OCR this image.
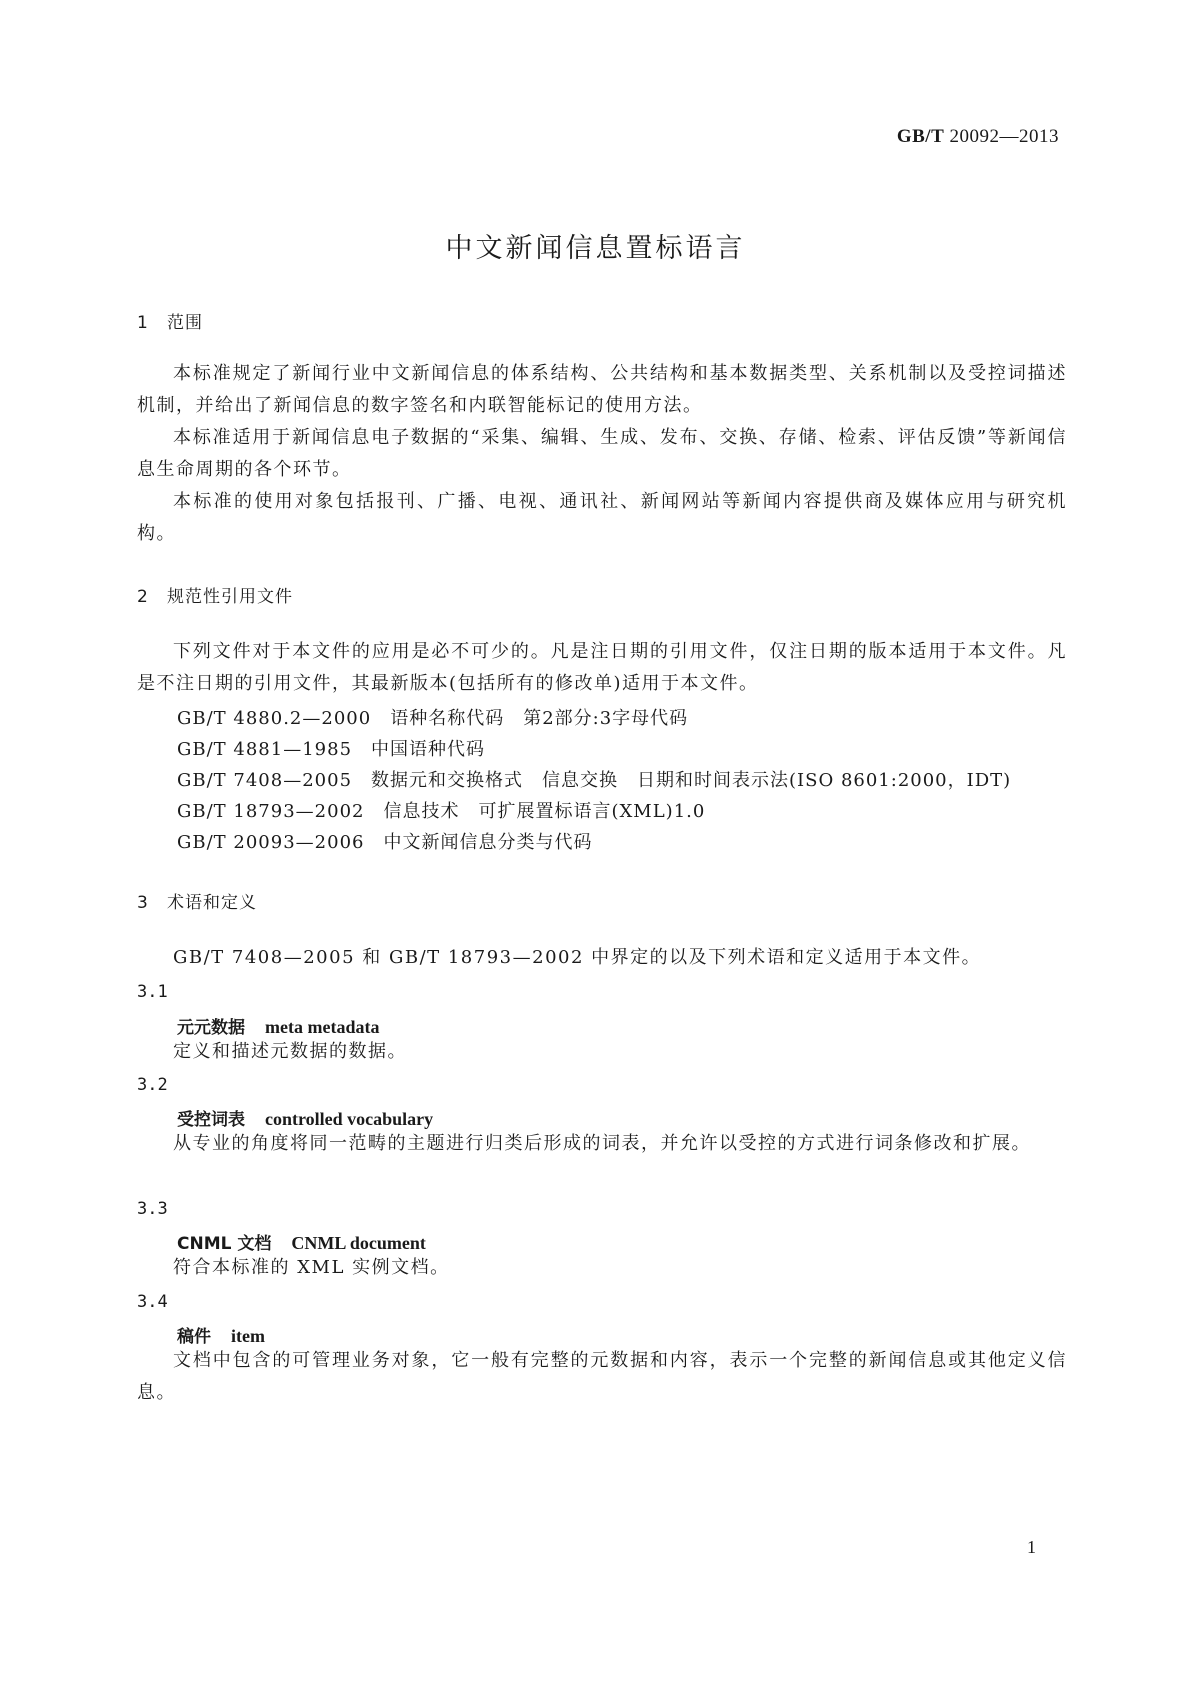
GB/T 20092—2013
中文新闻信息置标语言
1 范围

本标准规定了新闻行业中文新闻信息的体系结构、公共结构和基本数据类型、关系机制以及受控词描述机制，并给出了新闻信息的数字签名和内联智能标记的使用方法。

本标准适用于新闻信息电子数据的“采集、编辑、生成、发布、交换、存储、检索、评估反馈”等新闻信息生命周期的各个环节。

本标准的使用对象包括报刊、广播、电视、通讯社、新闻网站等新闻内容提供商及媒体应用与研究机构。

2 规范性引用文件

下列文件对于本文件的应用是必不可少的。凡是注日期的引用文件，仅注日期的版本适用于本文件。凡是不注日期的引用文件，其最新版本(包括所有的修改单)适用于本文件。

GB/T 4880.2—2000　语种名称代码　第2部分:3字母代码
GB/T 4881—1985　中国语种代码
GB/T 7408—2005　数据元和交换格式　信息交换　日期和时间表示法(ISO 8601:2000，IDT)
GB/T 18793—2002　信息技术　可扩展置标语言(XML)1.0
GB/T 20093—2006　中文新闻信息分类与代码
3 术语和定义

GB/T 7408—2005 和 GB/T 18793—2002 中界定的以及下列术语和定义适用于本文件。

3.1
元元数据 meta metadata

定义和描述元数据的数据。

3.2
受控词表 controlled vocabulary

从专业的角度将同一范畴的主题进行归类后形成的词表，并允许以受控的方式进行词条修改和扩展。

3.3
CNML 文档 CNML document

符合本标准的 XML 实例文档。

3.4
稿件 item

文档中包含的可管理业务对象，它一般有完整的元数据和内容，表示一个完整的新闻信息或其他定义信息。

1
